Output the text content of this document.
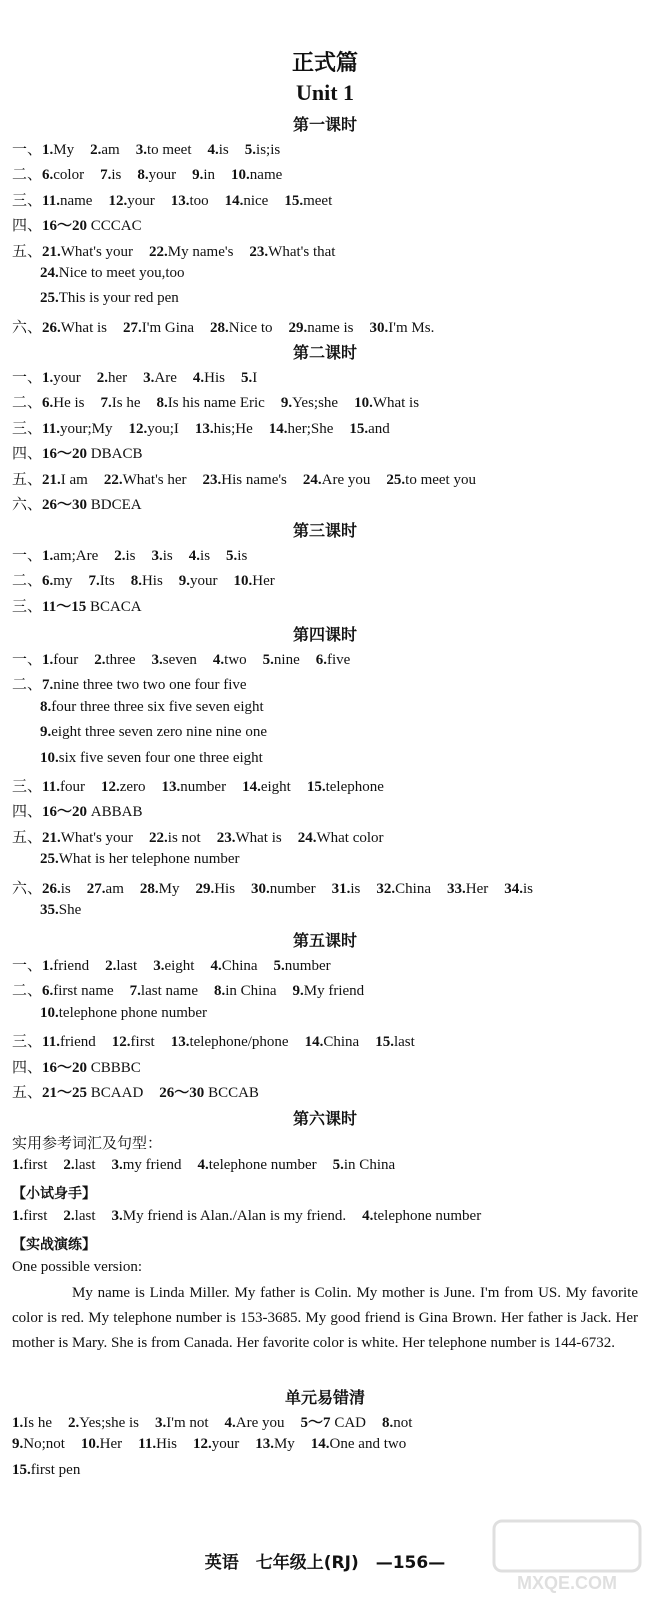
正式篇
Unit 1
第一课时
一、1.My 2.am 3.to meet 4.is 5.is;is
二、6.color 7.is 8.your 9.in 10.name
三、11.name 12.your 13.too 14.nice 15.meet
四、16～20 CCCAC
五、21.What's your 22.My name's 23.What's that
24.Nice to meet you,too
25.This is your red pen
六、26.What is 27.I'm Gina 28.Nice to 29.name is 30.I'm Ms.
第二课时
一、1.your 2.her 3.Are 4.His 5.I
二、6.He is 7.Is he 8.Is his name Eric 9.Yes;she 10.What is
三、11.your;My 12.you;I 13.his;He 14.her;She 15.and
四、16～20 DBACB
五、21.I am 22.What's her 23.His name's 24.Are you 25.to meet you
六、26～30 BDCEA
第三课时
一、1.am;Are 2.is 3.is 4.is 5.is
二、6.my 7.Its 8.His 9.your 10.Her
三、11～15 BCACA
第四课时
一、1.four 2.three 3.seven 4.two 5.nine 6.five
二、7.nine three two two one four five
8.four three three six five seven eight
9.eight three seven zero nine nine one
10.six five seven four one three eight
三、11.four 12.zero 13.number 14.eight 15.telephone
四、16～20 ABBAB
五、21.What's your 22.is not 23.What is 24.What color
25.What is her telephone number
六、26.is 27.am 28.My 29.His 30.number 31.is 32.China 33.Her 34.is
35.She
第五课时
一、1.friend 2.last 3.eight 4.China 5.number
二、6.first name 7.last name 8.in China 9.My friend
10.telephone phone number
三、11.friend 12.first 13.telephone/phone 14.China 15.last
四、16～20 CBBBC
五、21～25 BCAAD 26～30 BCCAB
第六课时
实用参考词汇及句型：
1.first 2.last 3.my friend 4.telephone number 5.in China
【小试身手】
1.first 2.last 3.My friend is Alan./Alan is my friend. 4.telephone number
【实战演练】
One possible version:
My name is Linda Miller. My father is Colin. My mother is June. I'm from US. My favorite color is red. My telephone number is 153-3685. My good friend is Gina Brown. Her father is Jack. Her mother is Mary. She is from Canada. Her favorite color is white. Her telephone number is 144-6732.
单元易错清
1.Is he 2.Yes;she is 3.I'm not 4.Are you 5～7 CAD 8.not
9.No;not 10.Her 11.His 12.your 13.My 14.One and two
15.first pen
英语　七年级上(RJ)　—156—
MXQE.COM
